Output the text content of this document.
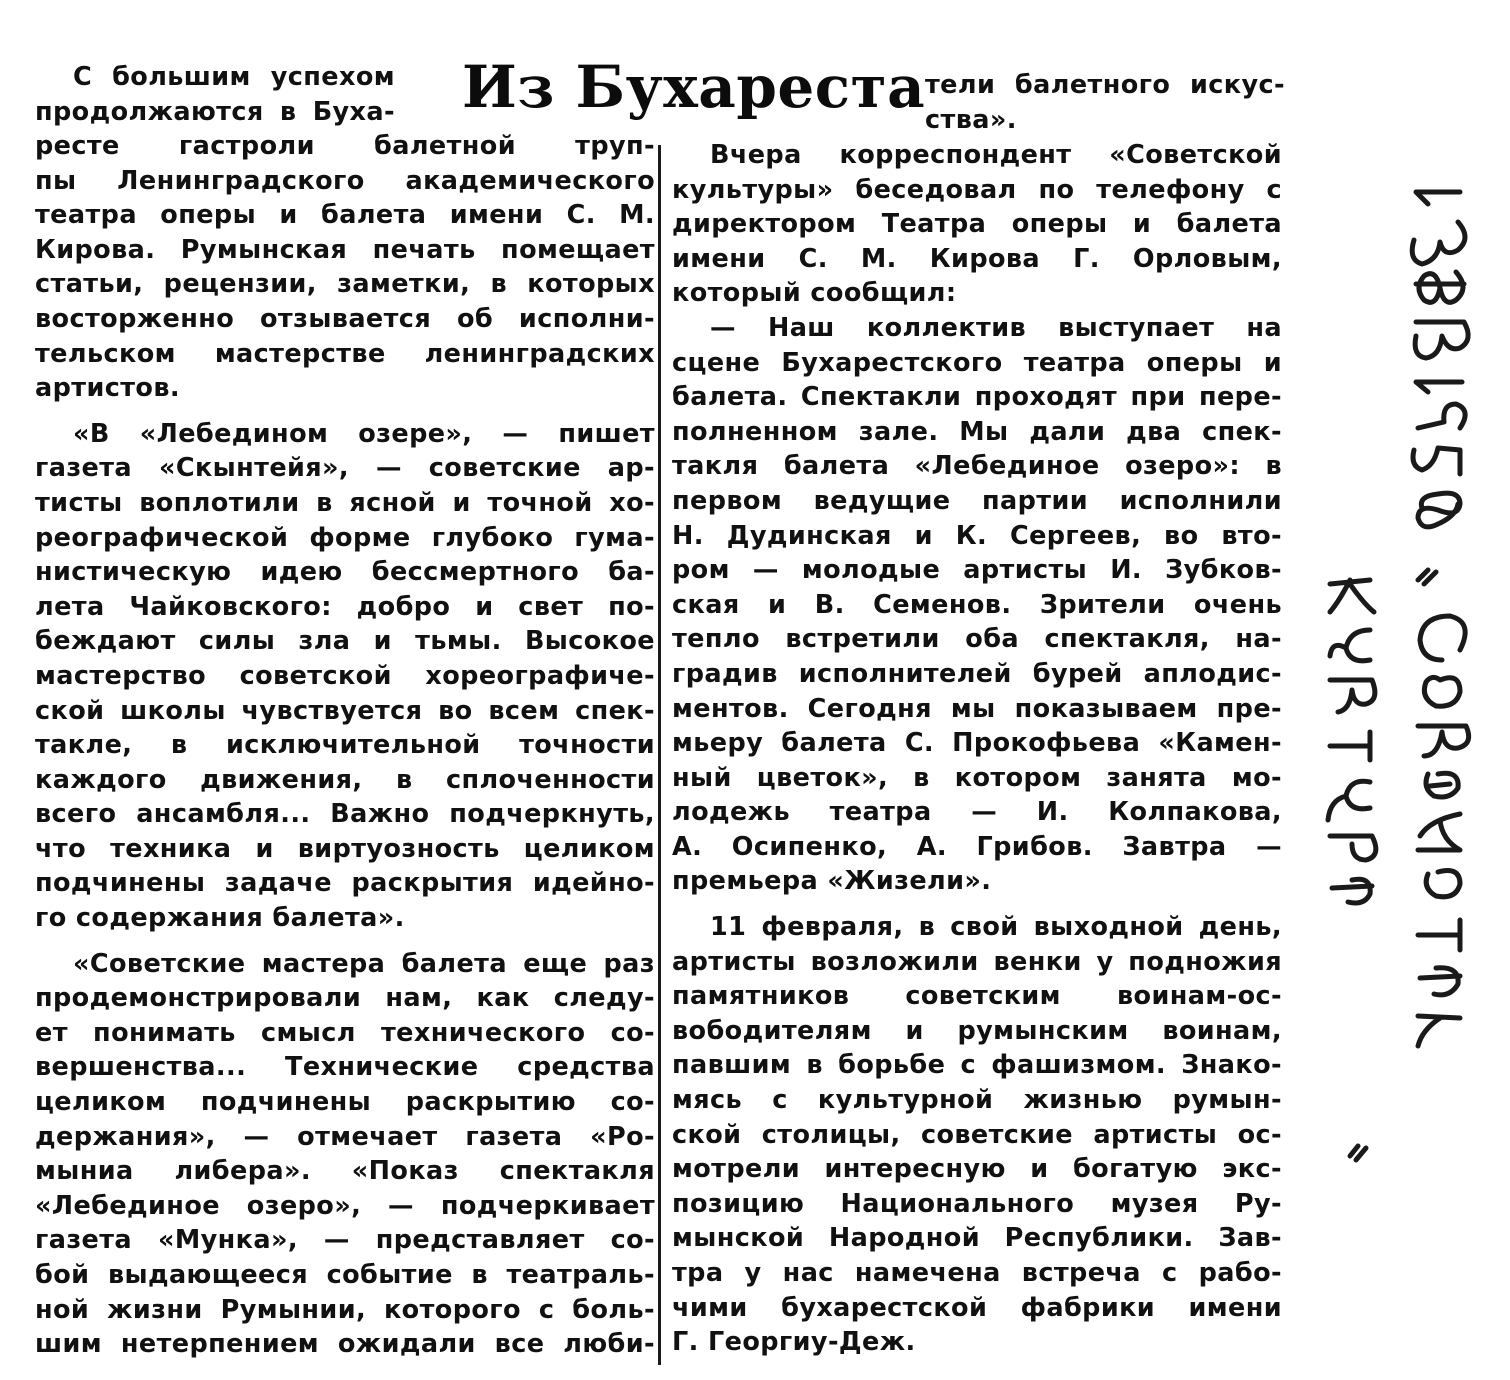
Из Бухареста

С большим успехом

продолжаются в Буха-

ресте гастроли балетной труп-

пы Ленинградского академического

театра оперы и балета имени С. М.

Кирова. Румынская печать помещает

статьи, рецензии, заметки, в которых

восторженно отзывается об исполни-

тельском мастерстве ленинградских

артистов.

«В «Лебедином озере», — пишет

газета «Скынтейя», — советские ар-

тисты воплотили в ясной и точной хо-

реографической форме глубоко гума-

нистическую идею бессмертного ба-

лета Чайковского: добро и свет по-

беждают силы зла и тьмы. Высокое

мастерство советской хореографиче-

ской школы чувствуется во всем спек-

такле, в исключительной точности

каждого движения, в сплоченности

всего ансамбля... Важно подчеркнуть,

что техника и виртуозность целиком

подчинены задаче раскрытия идейно-

го содержания балета».

«Советские мастера балета еще раз

продемонстрировали нам, как следу-

ет понимать смысл технического со-

вершенства... Технические средства

целиком подчинены раскрытию со-

держания», — отмечает газета «Ро-

мыниа либера». «Показ спектакля

«Лебединое озеро», — подчеркивает

газета «Мунка», — представляет со-

бой выдающееся событие в театраль-

ной жизни Румынии, которого с боль-

шим нетерпением ожидали все люби-

тели балетного искус-

ства».

Вчера корреспондент «Советской

культуры» беседовал по телефону с

директором Театра оперы и балета

имени С. М. Кирова Г. Орловым,

который сообщил:

— Наш коллектив выступает на

сцене Бухарестского театра оперы и

балета. Спектакли проходят при пере-

полненном зале. Мы дали два спек-

такля балета «Лебединое озеро»: в

первом ведущие партии исполнили

Н. Дудинская и К. Сергеев, во вто-

ром — молодые артисты И. Зубков-

ская и В. Семенов. Зрители очень

тепло встретили оба спектакля, на-

градив исполнителей бурей аплодис-

ментов. Сегодня мы показываем пре-

мьеру балета С. Прокофьева «Камен-

ный цветок», в котором занята мо-

лодежь театра — И. Колпакова,

А. Осипенко, А. Грибов. Завтра —

премьера «Жизели».

11 февраля, в свой выходной день,

артисты возложили венки у подножия

памятников советским воинам-ос-

вободителям и румынским воинам,

павшим в борьбе с фашизмом. Знако-

мясь с культурной жизнью румын-

ской столицы, советские артисты ос-

мотрели интересную и богатую экс-

позицию Национального музея Ру-

мынской Народной Республики. Зав-

тра у нас намечена встреча с рабо-

чими бухарестской фабрики имени

Г. Георгиу-Деж.
